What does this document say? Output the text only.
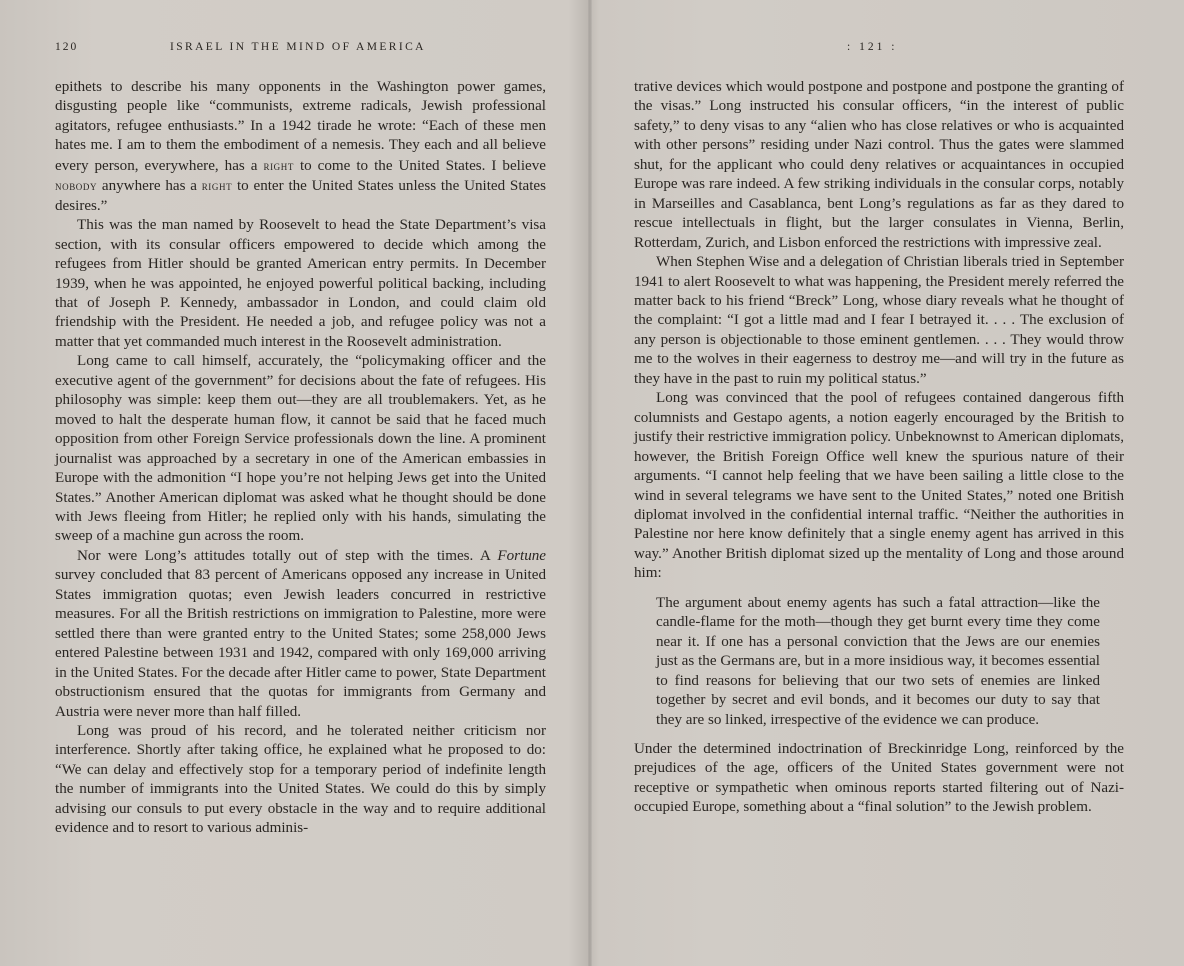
120	ISRAEL IN THE MIND OF AMERICA

epithets to describe his many opponents in the Washington power games, disgusting people like “communists, extreme radicals, Jewish professional agitators, refugee enthusiasts.” In a 1942 tirade he wrote: “Each of these men hates me. I am to them the embodiment of a nemesis. They each and all believe every person, everywhere, has a right to come to the United States. I believe nobody anywhere has a right to enter the United States unless the United States desires.”

This was the man named by Roosevelt to head the State Department’s visa section, with its consular officers empowered to decide which among the refugees from Hitler should be granted American entry permits. In December 1939, when he was appointed, he enjoyed powerful political backing, including that of Joseph P. Kennedy, ambassador in London, and could claim old friendship with the President. He needed a job, and refugee policy was not a matter that yet commanded much interest in the Roosevelt administration.

Long came to call himself, accurately, the “policymaking officer and the executive agent of the government” for decisions about the fate of refugees. His philosophy was simple: keep them out—they are all troublemakers. Yet, as he moved to halt the desperate human flow, it cannot be said that he faced much opposition from other Foreign Service professionals down the line. A prominent journalist was approached by a secretary in one of the American embassies in Europe with the admonition “I hope you’re not helping Jews get into the United States.” Another American diplomat was asked what he thought should be done with Jews fleeing from Hitler; he replied only with his hands, simulating the sweep of a machine gun across the room.

Nor were Long’s attitudes totally out of step with the times. A Fortune survey concluded that 83 percent of Americans opposed any increase in United States immigration quotas; even Jewish leaders concurred in restrictive measures. For all the British restrictions on immigration to Palestine, more were settled there than were granted entry to the United States; some 258,000 Jews entered Palestine between 1931 and 1942, compared with only 169,000 arriving in the United States. For the decade after Hitler came to power, State Department obstructionism ensured that the quotas for immigrants from Germany and Austria were never more than half filled.

Long was proud of his record, and he tolerated neither criticism nor interference. Shortly after taking office, he explained what he proposed to do: “We can delay and effectively stop for a temporary period of indefinite length the number of immigrants into the United States. We could do this by simply advising our consuls to put every obstacle in the way and to require additional evidence and to resort to various adminis-

: 121 :

trative devices which would postpone and postpone and postpone the granting of the visas.” Long instructed his consular officers, “in the interest of public safety,” to deny visas to any “alien who has close relatives or who is acquainted with other persons” residing under Nazi control. Thus the gates were slammed shut, for the applicant who could deny relatives or acquaintances in occupied Europe was rare indeed. A few striking individuals in the consular corps, notably in Marseilles and Casablanca, bent Long’s regulations as far as they dared to rescue intellectuals in flight, but the larger consulates in Vienna, Berlin, Rotterdam, Zurich, and Lisbon enforced the restrictions with impressive zeal.

When Stephen Wise and a delegation of Christian liberals tried in September 1941 to alert Roosevelt to what was happening, the President merely referred the matter back to his friend “Breck” Long, whose diary reveals what he thought of the complaint: “I got a little mad and I fear I betrayed it. . . . The exclusion of any person is objectionable to those eminent gentlemen. . . . They would throw me to the wolves in their eagerness to destroy me—and will try in the future as they have in the past to ruin my political status.”

Long was convinced that the pool of refugees contained dangerous fifth columnists and Gestapo agents, a notion eagerly encouraged by the British to justify their restrictive immigration policy. Unbeknownst to American diplomats, however, the British Foreign Office well knew the spurious nature of their arguments. “I cannot help feeling that we have been sailing a little close to the wind in several telegrams we have sent to the United States,” noted one British diplomat involved in the confidential internal traffic. “Neither the authorities in Palestine nor here know definitely that a single enemy agent has arrived in this way.” Another British diplomat sized up the mentality of Long and those around him:

The argument about enemy agents has such a fatal attraction—like the candle-flame for the moth—though they get burnt every time they come near it. If one has a personal conviction that the Jews are our enemies just as the Germans are, but in a more insidious way, it becomes essential to find reasons for believing that our two sets of enemies are linked together by secret and evil bonds, and it becomes our duty to say that they are so linked, irrespective of the evidence we can produce.

Under the determined indoctrination of Breckinridge Long, reinforced by the prejudices of the age, officers of the United States government were not receptive or sympathetic when ominous reports started filtering out of Nazi-occupied Europe, something about a “final solution” to the Jewish problem.
